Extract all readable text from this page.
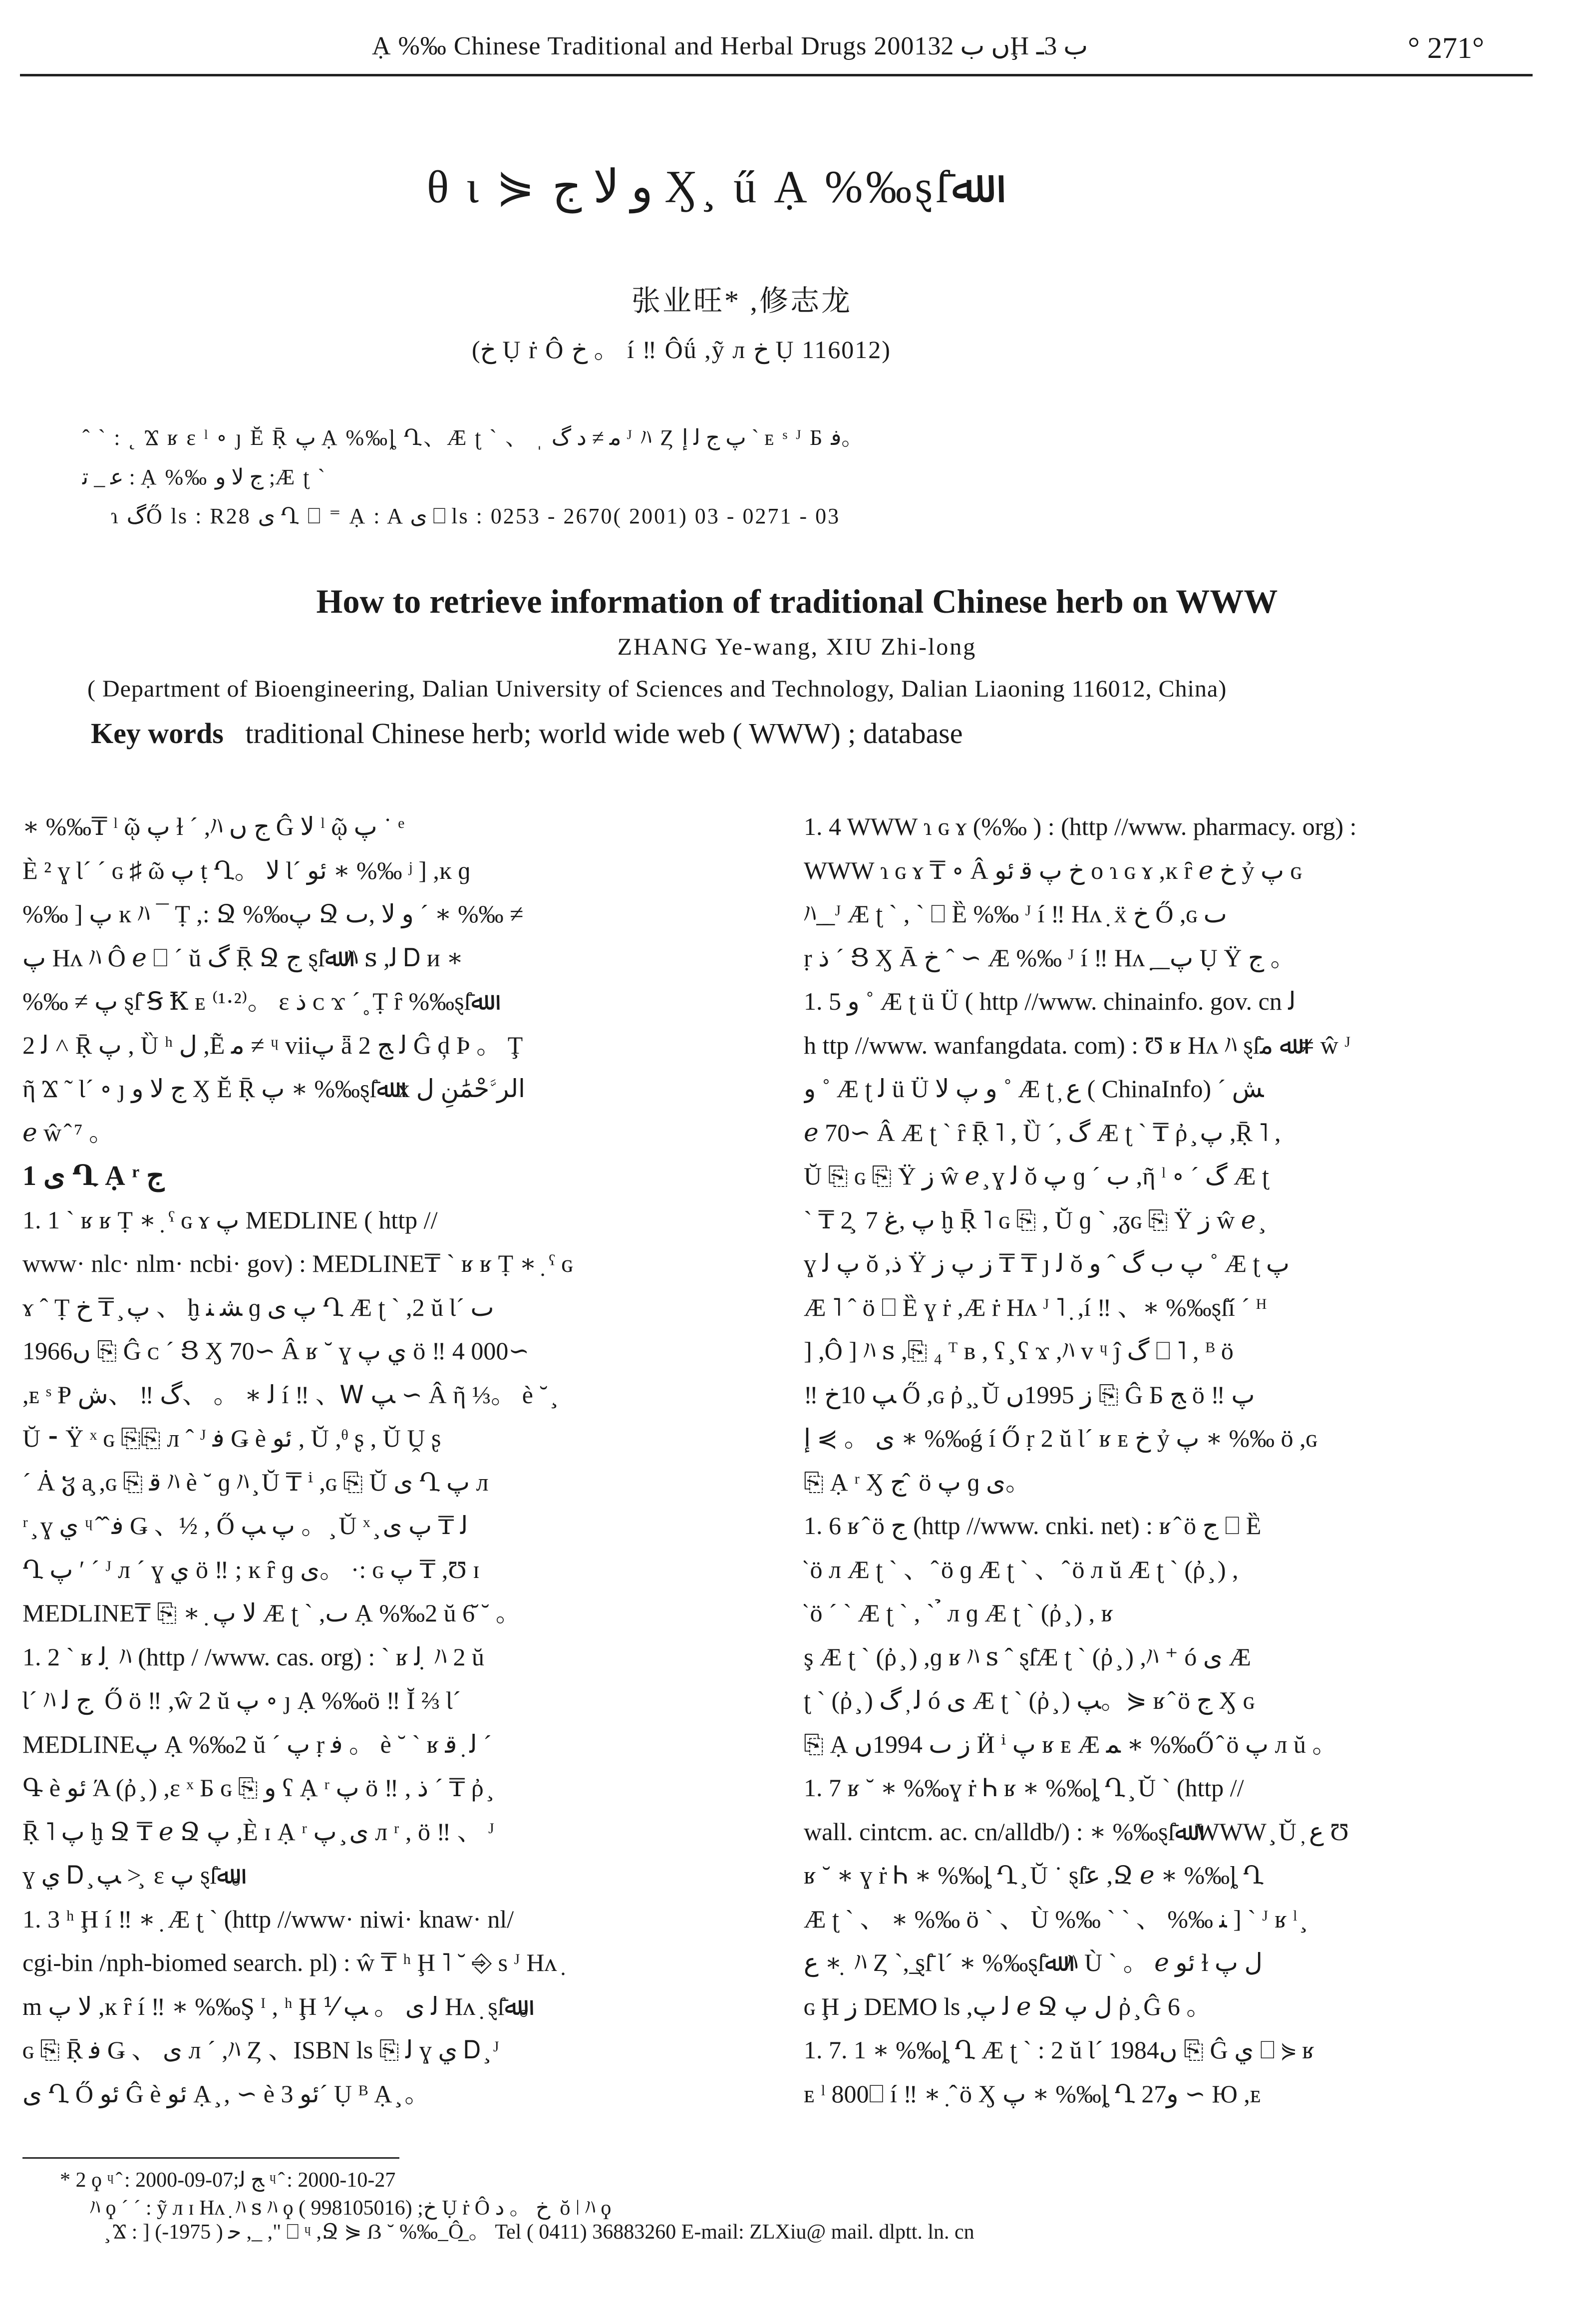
Ạ %‰ Chinese Traditional and Herbal Drugs 2001ں ب 32Ḩ ب 3ـ	° 271°
θ ɩ ⋟ ﻭ ﻻ ﺝ Ӽ¸ ű Ạ %‰ȿſ̄ﷲ
张业旺* ,修志龙
(ﺥ Ụ ṙ Ô ﺥ 。 í ‼ Ôǘ ,ỹ л ﺥ Ụ 116012)
ˆ ˋ : ˛ Ϫ ʁ ɛ ˡ ∘ ȷ Ĕ Ṝ پ Ạ %‰ȴ Ղ、Æ ʈ ˋ 、 ˌ ﻣ ≠ ﺩ ﮒ ᴶ ﾊ Ȥ پ ﺝ ﻟ ﺇ ˋ ᴇ ˢ ᴶ Б ﻓ。
ﻋ _ ﺗ : Ạ %‰ ﺝ ﻻ ﻭ ;Æ ʈ ˋ
ɿ ﮒŐ ls : R28 ﯼ Ղ ⎕ ⁼ Ạ : A ﯼ ⎕ ls : 0253 - 2670( 2001) 03 - 0271 - 03
How to retrieve information of traditional Chinese herb on WWW
ZHANG Ye-wang, XIU Zhi-long
( Department of Bioengineering, Dalian University of Sciences and Technology, Dalian Liaoning 116012, China)
Key words traditional Chinese herb; world wide web ( WWW) ; database
∗ %‰₸ ˡ ῷ پ ɫ ˊ ,ﾊ ﺝ ں Ĝ ﻻ ˡ ῷ پ ˙ ᵉ
È ² ɣ Ɩˊ ˊ ɢ ♯ ῶ پ ṭ Ղ。 ﻻ Ɩˊ ﺋﻮ ∗ %‰ ʲ ] ,ĸ ɡ
%‰ ] پ ĸ ﾊ ¯ Ṭ ,: Ջ %‰پ Ջ ﻭ ﻻ ,ٮ ˊ ∗ %‰ ≠
پ Hʌ ﾊ Ô ℯ ⎕ ˊ ŭ ﮒ Ṝ Ջ ﺝ ȿſ̄ﷲ ﾊ ꜱ ,ﻟ Ꭰ ᴎ ∗
%‰ ≠ پ ȿſ̄ Ꞩ Ꝁ ᴇ ⁽¹·²⁾。 ɛ ﺫ ᴄ ϫ ˊ ̥ Ṭ ȓ %‰ȿſ̄ﷲ
2 ﻟ ˄ Ṝ پ , Ȕ ʰ ﻝ ,Ẽ ﻣ ≠ ᶣ viiپ ǟ 2 ﻟ ﺞ Ĝ ḑ Þ 。 Ţ
ῆ Ϫ ˜ Ɩˊ ∘ ȷ ﺝ ﻻ ﻭ Ӽ Ĕ Ṝ پ ∗ %‰ȿſ̄ﷲ x ﺍﻟﺮﱠﺣْﻤَٰﻦِ ﻝ
ℯ ŵ ̂ ⁷ 。
1 ﯼ Ղ Ạ ʳ ﺝ
1. 1 ˋ ʁ ʁ Ṭ ∗ ̣ ˁ ɢ ɤ پ MEDLINE ( http //
www· nlc· nlm· ncbi· gov) : MEDLINE₸ ˋ ʁ ʁ Ṭ ∗ ̣ ˁ ɢ
ɤ ˆ Ṭ پ ̧ ₸ ﺥ 、 ḫ ﺸ ﻨ ɡ پ ﯼ Ղ Æ ʈ ˋ ,2 ŭ Ɩˊ ٮ
1966ں ⎘ Ĝ ᴄ ˊ Ց Ӽ 70∽ Â ʁ ˘ ɣ ﻱ پ ö ‼ 4 000∽
,ᴇ ˢ Ᵽ ﻟ ∗ 。 、ﮒ ‼ 、ﺵ í ‼ 、Ꮃ ﭗ ∽ Â ῆ ⅓。 è ˘ ̧
Ŭ ⁃ Ÿ ˣ ɢ ⎘⎘ л ˆ ᴶ ﻓ Ǥ è ﺋﻮ , Ŭ ,ᶿ ʂ , Ŭ Ṷ ʂ
ˊ Ȧ ჳ a̧ ,ɢ ⎘ ﻗ ﾊ è ˘ ɡ ﾊ ̧ Ŭ ₸ ⁱ ,ɢ ⎘ Ŭ ﯼ Ղ پ л
ʳ ̧ ɣ ﻱ ᶣ ̂ ̂ ﻓ Ǥ 、½ , Ő پ ﭗ 。 ̧ Ŭ ˣ ̧ ﻟ ₸ پ ﯼ
Ղ پ ʹ ˊ ᴶ л ˊ ɣ ﻱ ö ‼ ; ĸ ȓ ɡ ﯼ。 ·: ɢ پ ₸ ,Ʊ ɪ
MEDLINE₸ ⎘ ∗ ̣ ﻻ پ Æ ʈ ˋ ,ٮ Ạ %‰2 ŭ 6̆ ˘ 。
1. 2 ˋ ʁ ﻟ ̣ ﾊ (http / /www. cas. org) : ˋ ʁ ﻟ ̣ ﾊ 2 ŭ
Ɩˊ ﾊ ﺝ ﻟ ̣ Ő ö ‼ ,ŵ 2 ŭ پ ∘ ȷ Ạ %‰ö ‼ Ĭ ⅔ Ɩˊ
MEDLINEپ Ạ %‰2 ŭ ˊ پ ṛ ﻓ 。 è ˘ ˋ ʁ ﻟ ̣ ﻗ ˊ
Գ è ﺋﻮ Ά (ῤ ̧ ) ,ɛ ˣ Ƃ ɢ ⎘ ﻭ ʕ Ạ ʳ پ ö ‼ , ﺫ ˊ ₸ ῤ ̧
Ṝ ˥ پ ḫ Ջ ₸ ℯ Ջ پ ,È ɪ Ạ ʳ ﯼ ̧ پ л ʳ , ö ‼ 、 ᴶ
ɣ ﻱ Ꭰ ̧ ﭗ > ̧ ɛ پ ȿſ̄ﷲ。
1. 3 ʰ Ḩ í ‼ ∗ ̣ Æ ʈ ˋ (http //www· niwi· knaw· nl/
cgi-bin /nph-biomed search. pl) : ŵ ₸ ʰ Ḩ ˥ ˘ ⎆ s ᴶ Hʌ ̣
m ﻻ پ ,ĸ ȓ í ‼ ∗ %‰Ş ᴵ , ʰ Ḩ ⅟ ﻟ ﯼ 。 ﭗ Hʌ ̣ ȿſ̄ﷲ。
ɢ ⎘ Ṝ ﻓ Ǥ 、 ﯼ л ˊ ,ﾊ Ȥ 、ISBN ls ⎘ ﻟ ɣ ﻱ Ꭰ ̧ ᴶ
ﯼ Ղ Ő ﺋﻮ Ĝ è ﺋﻮ Ạ ̧ , ∽ è ﺋﻮ 3ˊ Ụ ᴮ Ạ ̧ 。
1. 4 WWW ɿ ɢ ɤ (%‰ ) : (http //www. pharmacy. org) :
WWW ɿ ɢ ɤ ₸ ∘ Â ﺥ پ ﻗ ﺋﻮ ο ɿ ɢ ɤ ,ĸ ȓ ℯ ﺥ ỷ پ ɢ
ﾊ ̲ ̲ ᴶ Æ ʈ ˋ , ˋ ⎕ Ȅ %‰ ᴶ í ‼ Hʌ ̣ ẍ ﺥ Ő ,ɢ ٮ
ṛ ﺫ ˊ Ց Ӽ Ā ﺥ ˆ ∽ Æ %‰ ᴶ í ‼ Hʌ ̣ ̲ ̲ پ Ụ Ÿ ﺝ 。
1. 5 ﻭ ˚ Æ ʈ ü Ü ( http //www. chinainfo. gov. cn ﻟ
h ttp //www. wanfangdata. com) : Ʊ ʁ Hʌ ﾊ ȿſ̄ﷲ ﻣ ≠ ŵ ᴶ
ﻭ ˚ Æ ʈ ﻟ ü Ü ﻭ پ ﻻ ˚ Æ ʈ ̦ ﻉ ( ChinaInfo) ˊ ﺶ
ℯ 70∽ Â Æ ʈ ˋ ȓ Ṝ ˥ , Ȕ ˊ, ﮒ Æ ʈ ˋ ₸ ῤ ̧ پ ,Ṝ ˥ ,
Ŭ ⎘ ɢ ⎘ Ÿ ﺯ ŵ ℯ ̧ ɣ ﻟ ŏ پ ɡ ˊ ﺏ ,ῆ ˡ ∘ ˊ ﮒ Æ ʈ
ˋ ₸ 2 ̧ پ ,ﻍ 7 ḫ Ṝ ˥ ɢ ⎘ , Ŭ ɡ ˋ ,ᵹɢ ⎘ Ÿ ﺯ ŵ ℯ ̧
ɣ پ ﻟ ŏ ,ﺫ Ÿ ﺯ پ ﺯ ₸ ₸ ȷ ﻟ ŏ پ ﺏ ﮒ ˆ ﻭ ˚ Æ ʈ پ
Æ ˥ ˆ ö ⎕ Ȅ ɣ ṙ ,Æ ṙ Hʌ ᴶ ˥ ̣ ,í ‼ 、∗ %‰ȿſ̄í ˊ ᴴ
] ,Ô ] ﾊ ꜱ ,⎘ ₄ ᵀ ʙ , ʕ ̧ ʕ ϫ ,ﾊ v ᶣ ĵ ﮒ ⎕ ˥ , ᴮ ö
‼ ﭗ 10ﺥ Ő ,ɢ ῤ ̧ ̧ Ŭ ﺯ 1995ں ⎘ Ĝ Ƃ ﺞ ö ‼ پ
ﯼ 。 ⋟ ﺇ ∗ %‰ǵ í Ő ṛ 2 ŭ Ɩˊ ʁ ᴇ ﺥ ỷ پ ∗ %‰ ö ,ɢ
⎘ Ạ ʳ Ӽ ﺝ ̂ ö پ ɡ ﯼ。
1. 6 ʁ ̂ ö ﺝ (http //www. cnki. net) : ʁ ̂ ö ﺝ ⎕ Ȅ
̂ ö л Æ ʈ ˋ 、 ̂ ö ɡ Æ ʈ ˋ 、 ̂ ö л ŭ Æ ʈ ˋ (ῤ ̧ ) ,
̂ ö ˊ ˋ Æ ʈ ˋ , ˋ ̉ л ɡ Æ ʈ ˋ (ῤ ̧ ) , ʁ
ş Æ ʈ ˋ (ῤ ̧ ) ,ɡ ʁ ﾊ ꜱ ˆ ȿſ̄Æ ʈ ˋ (ῤ ̧ ) ,ﾊ ⁺ ó ﯼ Æ
ʈ ˋ (ῤ ̧ ) ﻟ ̦ ﮒ ó ﯼ Æ ʈ ˋ (ῤ ̧ ) ﭗ。⋟ ʁ ̂ ö ﺝ Ӽ ɢ
⎘ Ạ ﺯ ٮ 1994ں Ӥ ⁱ پ ʁ ᴇ Æ ﻤ ∗ %‰Ő ̂ ö پ л ŭ 。
1. 7 ʁ ˘ ∗ %‰ɣ ṙ Ꮒ ʁ ∗ %‰ȴ Ղ ̧ Ŭ ˋ (http //
wall. cintcm. ac. cn/alldb/) : ∗ %‰ȿſ̄ﷲ WWW ̧ Ŭ ̦ ﻉ Ʊ
ʁ ˘ ∗ ɣ ṙ Ꮒ ∗ %‰ȴ Ղ ̧ Ŭ ˙ ȿſ̄ﻋ ,Ջ ℯ ∗ %‰ȴ Ղ
Æ ʈ ˋ 、 ∗ %‰ ö ˋ 、 Ù %‰ ˋ ˋ 、 %‰ ﻨ ] ˋ ᴶ ʁ ˡ ̧
ﻉ ∗ ̣ ﾊ Ȥ ˋ, ̲ȿſ̄ Ɩˊ ∗ %‰ȿſ̄ﷲ ﾊ Ù ˋ 。 ℯ ﺋﻮ ɫ ﻝ پ
ɢ Ḩ ﺯ DEMO ls ,ﻟ پ ℯ Ջ ﻝ پ ῤ ̧ Ĝ 6 。
1. 7. 1 ∗ %‰ȴ Ղ Æ ʈ ˋ : 2 ŭ Ɩˊ 1984ں ⎘ Ĝ ﻱ ⎕ ⋟ ʁ
ᴇ ˡ 800⎕ í ‼ ∗ ̣ ̂ ö Ӽ پ ∗ %‰ȴ Ղ 27ﻭ ∽ Ю ,ᴇ
* 2 ϙ ᶣ ̂ : 2000-09-07;ﺞ ﻟ ᶣ ̂ : 2000-10-27
ﾊ ϙ ˊ ˊ : ỹ л ɪ Hʌ ̣ ﾊ ꜱ ﾊ ϙ ( 998105016) ;ﺥ Ụ ṙ Ô ﺥ 。 ﺩ ̣ ŏ ǀ ﾊ ϙ
̧ Ϫ : ] ﺣ ( 1975-) ,_ ," ⎕ ᶣ ,Ջ ⋟ ẞ ˘ %‰ ̲ Ô̲ 。 Tel ( 0411) 36883260 E-mail: ZLXiu@ mail. dlptt. ln. cn
